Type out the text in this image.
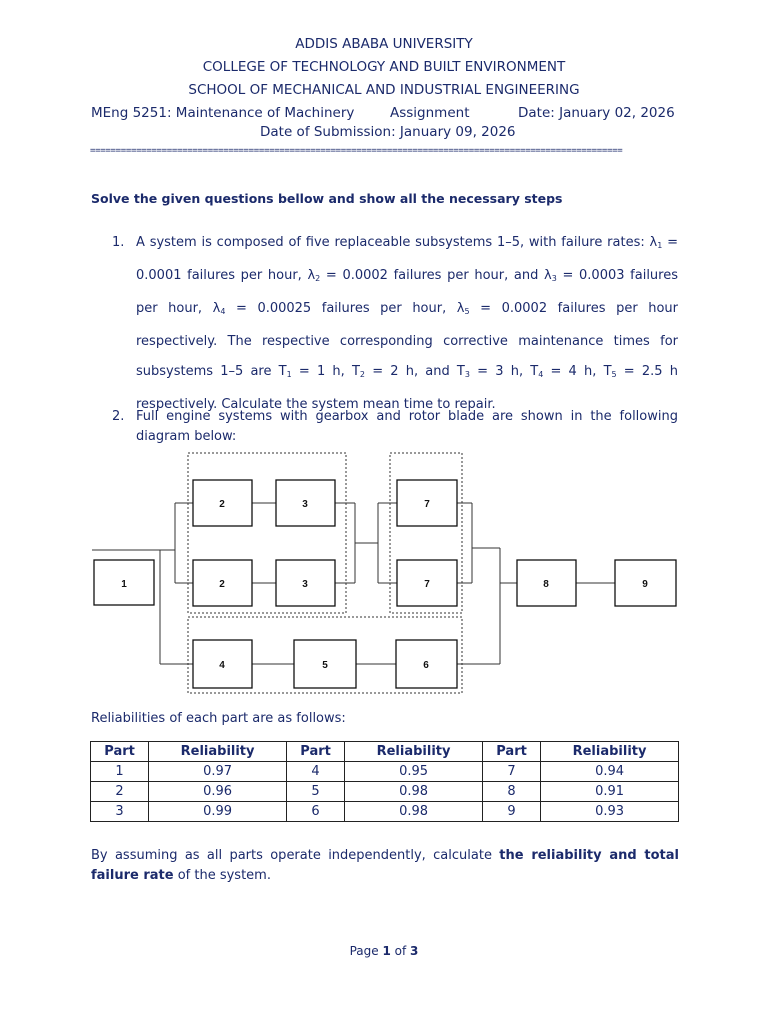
ADDIS ABABA UNIVERSITY
COLLEGE OF TECHNOLOGY AND BUILT ENVIRONMENT
SCHOOL OF MECHANICAL AND INDUSTRIAL ENGINEERING
MEng 5251: Maintenance of Machinery	Assignment	Date: January 02, 2026
Date of Submission: January 09, 2026
========================================================================================================
Solve the given questions bellow and show all the necessary steps
1. A system is composed of five replaceable subsystems 1–5, with failure rates: $\lambda_1 = 0.0001$ failures per hour, $\lambda_2 = 0.0002$ failures per hour, and $\lambda_3 = 0.0003$ failures per hour, $\lambda_4 = 0.00025$ failures per hour, $\lambda_5 = 0.0002$ failures per hour respectively. The respective corresponding corrective maintenance times for subsystems 1–5 are $T_1 = 1$ h, $T_2 = 2$ h, and $T_3 = 3$ h, $T_4 = 4$ h, $T_5 = 2.5$ h respectively. Calculate the system mean time to repair.
2. Full engine systems with gearbox and rotor blade are shown in the following diagram below:
1
2	3
2	3
7
7
4	5	6
8	9
Reliabilities of each part are as follows:
Part	Reliability	Part	Reliability	Part	Reliability
1	0.97	4	0.95	7	0.94
2	0.96	5	0.98	8	0.91
3	0.99	6	0.98	9	0.93
By assuming as all parts operate independently, calculate the reliability and total failure rate of the system.
Page 1 of 3
